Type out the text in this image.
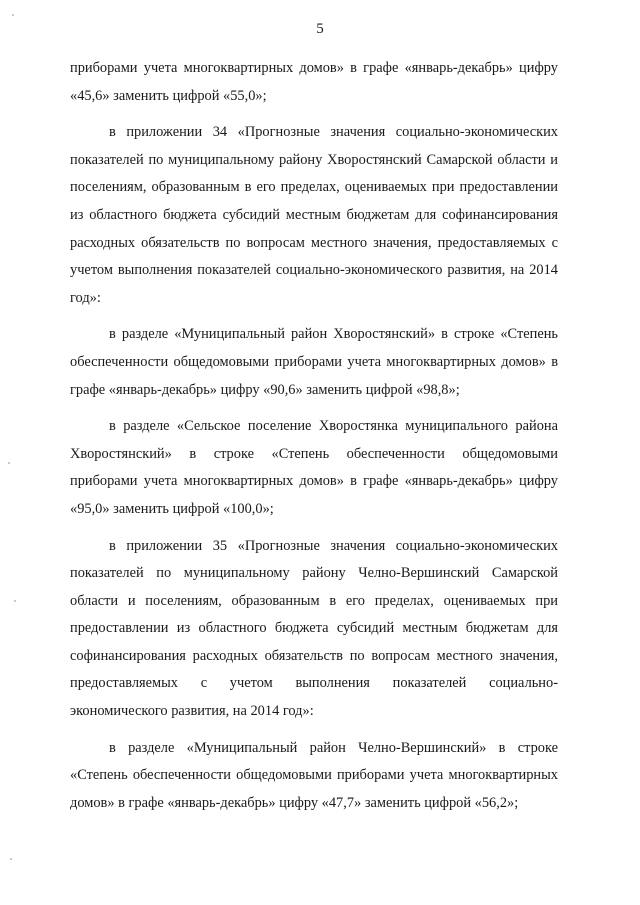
5

приборами учета многоквартирных домов» в графе «январь-декабрь» цифру «45,6» заменить цифрой «55,0»;

в приложении 34 «Прогнозные значения социально-экономических показателей по муниципальному району Хворостянский Самарской области и поселениям, образованным в его пределах, оцениваемых при предоставлении из областного бюджета субсидий местным бюджетам для софинансирования расходных обязательств по вопросам местного значения, предоставляемых с учетом выполнения показателей социально-экономического развития, на 2014 год»:

в разделе «Муниципальный район Хворостянский» в строке «Степень обеспеченности общедомовыми приборами учета многоквартирных домов» в графе «январь-декабрь» цифру «90,6» заменить цифрой «98,8»;

в разделе «Сельское поселение Хворостянка муниципального района Хворостянский» в строке «Степень обеспеченности общедомовыми приборами учета многоквартирных домов» в графе «январь-декабрь» цифру «95,0» заменить цифрой «100,0»;

в приложении 35 «Прогнозные значения социально-экономических показателей по муниципальному району Челно-Вершинский Самарской области и поселениям, образованным в его пределах, оцениваемых при предоставлении из областного бюджета субсидий местным бюджетам для софинансирования расходных обязательств по вопросам местного значения, предоставляемых с учетом выполнения показателей социально-экономического развития, на 2014 год»:

в разделе «Муниципальный район Челно-Вершинский» в строке «Степень обеспеченности общедомовыми приборами учета многоквартирных домов» в графе «январь-декабрь» цифру «47,7» заменить цифрой «56,2»;
